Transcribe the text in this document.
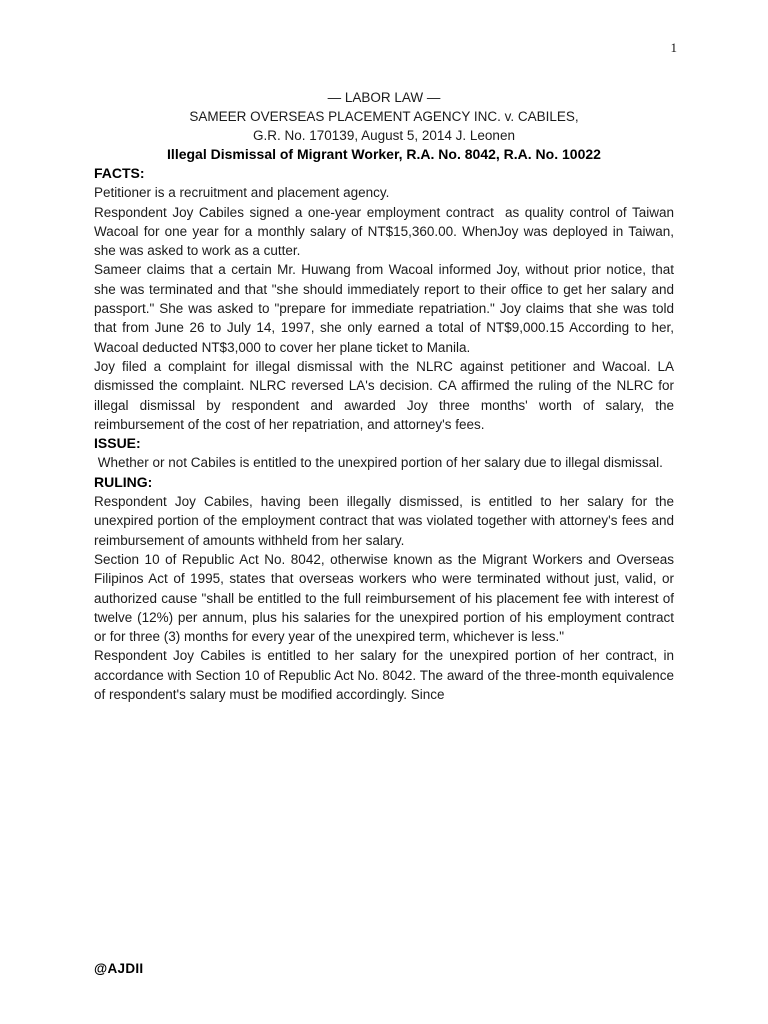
1

— LABOR LAW —

SAMEER OVERSEAS PLACEMENT AGENCY INC. v. CABILES,

G.R. No. 170139, August 5, 2014 J. Leonen

Illegal Dismissal of Migrant Worker, R.A. No. 8042, R.A. No. 10022

FACTS:

Petitioner is a recruitment and placement agency.

Respondent Joy Cabiles signed a one-year employment contract  as quality control of Taiwan Wacoal for one year for a monthly salary of NT$15,360.00. WhenJoy was deployed in Taiwan, she was asked to work as a cutter.

Sameer claims that a certain Mr. Huwang from Wacoal informed Joy, without prior notice, that she was terminated and that "she should immediately report to their office to get her salary and passport." She was asked to "prepare for immediate repatriation." Joy claims that she was told that from June 26 to July 14, 1997, she only earned a total of NT$9,000.15 According to her, Wacoal deducted NT$3,000 to cover her plane ticket to Manila.

Joy filed a complaint for illegal dismissal with the NLRC against petitioner and Wacoal. LA dismissed the complaint. NLRC reversed LA's decision. CA affirmed the ruling of the NLRC for illegal dismissal by respondent and awarded Joy three months' worth of salary, the reimbursement of the cost of her repatriation, and attorney's fees.

ISSUE:

Whether or not Cabiles is entitled to the unexpired portion of her salary due to illegal dismissal.

RULING:

Respondent Joy Cabiles, having been illegally dismissed, is entitled to her salary for the unexpired portion of the employment contract that was violated together with attorney's fees and reimbursement of amounts withheld from her salary.

Section 10 of Republic Act No. 8042, otherwise known as the Migrant Workers and Overseas Filipinos Act of 1995, states that overseas workers who were terminated without just, valid, or authorized cause "shall be entitled to the full reimbursement of his placement fee with interest of twelve (12%) per annum, plus his salaries for the unexpired portion of his employment contract or for three (3) months for every year of the unexpired term, whichever is less."

Respondent Joy Cabiles is entitled to her salary for the unexpired portion of her contract, in accordance with Section 10 of Republic Act No. 8042. The award of the three-month equivalence of respondent's salary must be modified accordingly. Since

@AJDII
